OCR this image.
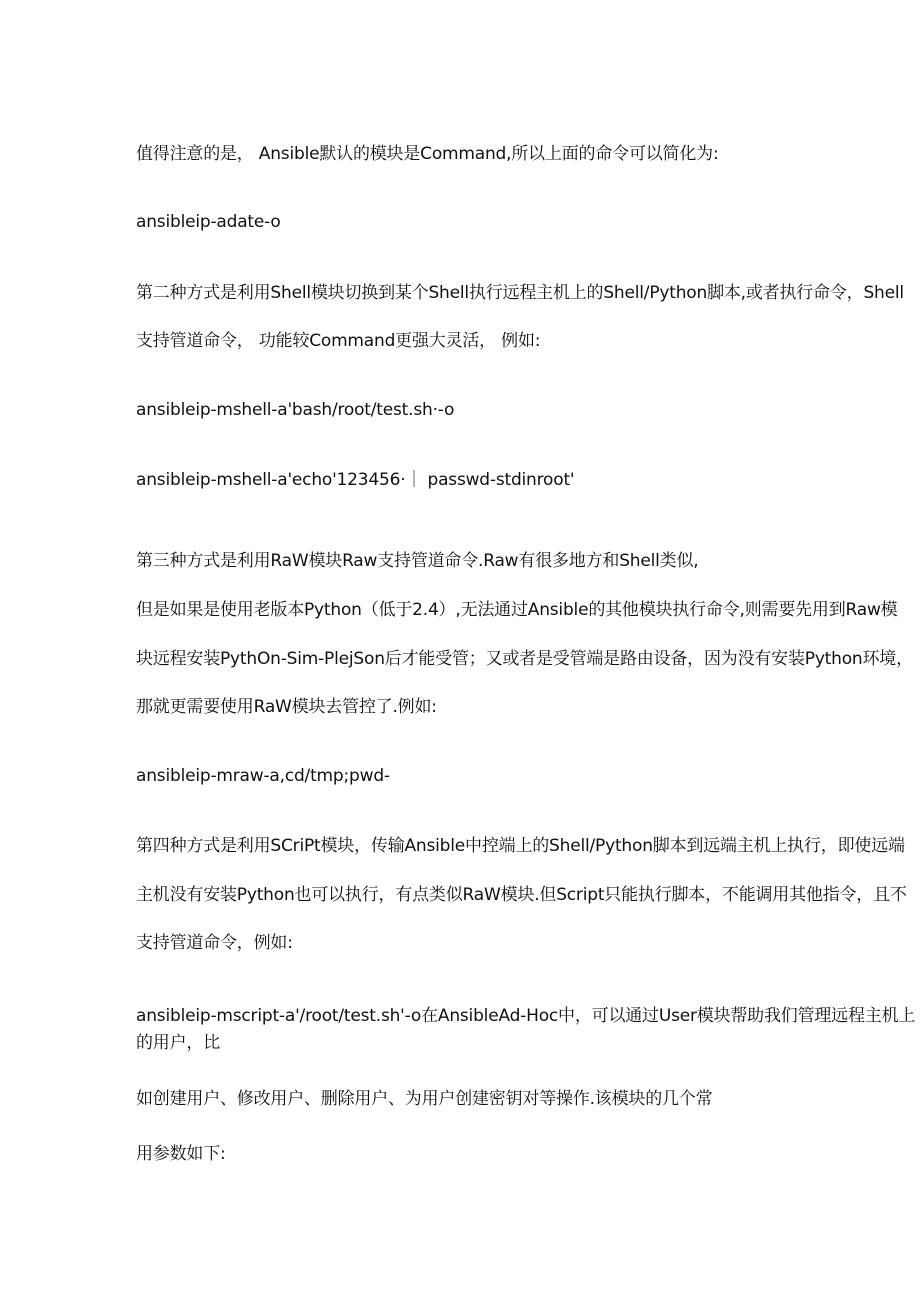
值得注意的是， Ansible默认的模块是Command,所以上面的命令可以简化为:
ansibleip-adate-o
第二种方式是利用Shell模块切换到某个Shell执行远程主机上的Shell/Python脚本,或者执行命令，Shell
支持管道命令， 功能较Command更强大灵活， 例如:
ansibleip-mshell-a'bash/root/test.sh·-o
ansibleip-mshell-a'echo'123456·｜ passwd-stdinroot'
第三种方式是利用RaW模块Raw支持管道命令.Raw有很多地方和Shell类似,
但是如果是使用老版本Python（低于2.4）,无法通过Ansible的其他模块执行命令,则需要先用到Raw模
块远程安装PythOn-Sim-PlejSon后才能受管；又或者是受管端是路由设备，因为没有安装Python环境，
那就更需要使用RaW模块去管控了.例如:
ansibleip-mraw-a,cd/tmp;pwd-
第四种方式是利用SCriPt模块，传输Ansible中控端上的Shell/Python脚本到远端主机上执行，即使远端
主机没有安装Python也可以执行，有点类似RaW模块.但Script只能执行脚本，不能调用其他指令，且不
支持管道命令，例如:
ansibleip-mscript-a'/root/test.sh'-o在AnsibleAd-Hoc中，可以通过User模块帮助我们管理远程主机上的用户，比
如创建用户、修改用户、删除用户、为用户创建密钥对等操作.该模块的几个常
用参数如下:
